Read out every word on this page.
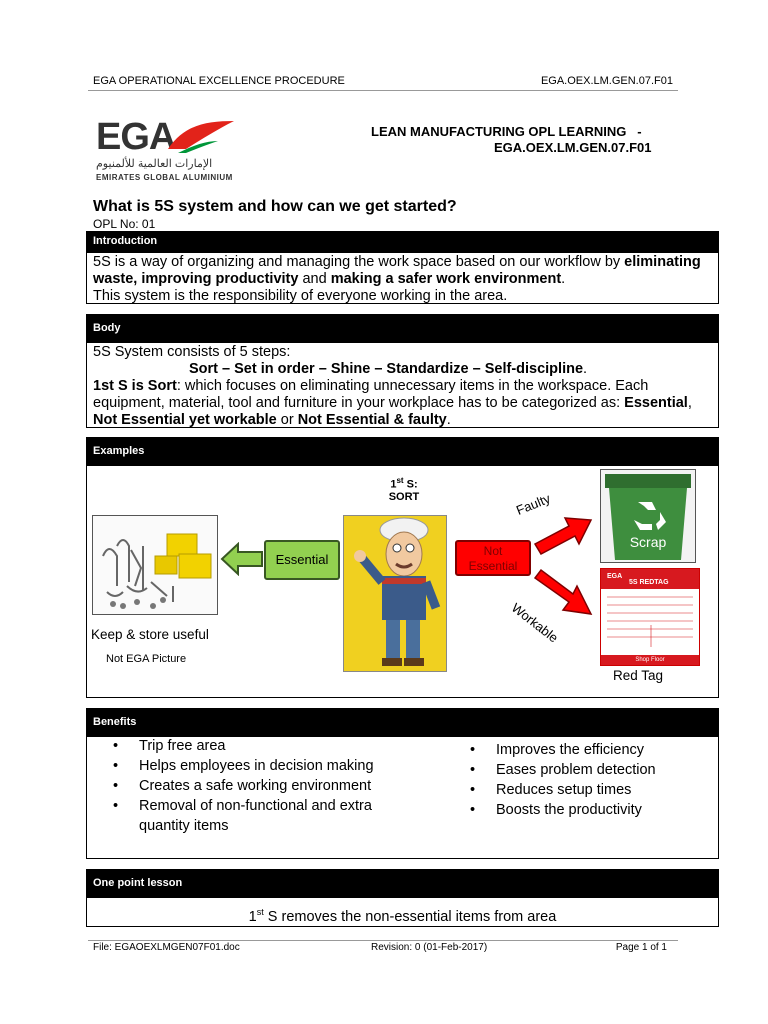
EGA OPERATIONAL EXCELLENCE PROCEDURE	EGA.OEX.LM.GEN.07.F01
EGA
الإمارات العالمية للألمنيوم
EMIRATES GLOBAL ALUMINIUM
LEAN MANUFACTURING OPL LEARNING   -
EGA.OEX.LM.GEN.07.F01
What is 5S system and how can we get started?
OPL No: 01
Introduction
5S is a way of organizing and managing the work space based on our workflow by eliminating waste, improving productivity and making a safer work environment.
This system is the responsibility of everyone working in the area.
Body
5S System consists of 5 steps:
Sort – Set in order – Shine – Standardize – Self-discipline.
1st S is Sort: which focuses on eliminating unnecessary items in the workspace. Each equipment, material, tool and furniture in your workplace has to be categorized as: Essential, Not Essential yet workable or Not Essential & faulty.
Examples
Keep & store useful
Not EGA Picture
Essential
1st S:
SORT
Not
Essential
Faulty
Workable
Scrap
EGA
5S REDTAG
Shop Floor
Red Tag
Benefits
• Trip free area
• Helps employees in decision making
• Creates a safe working environment
• Removal of non-functional and extra quantity items
• Improves the efficiency
• Eases problem detection
• Reduces setup times
• Boosts the productivity
One point lesson
1st S removes the non-essential items from area
File: EGAOEXLMGEN07F01.doc	Revision: 0 (01-Feb-2017)	Page 1 of 1
